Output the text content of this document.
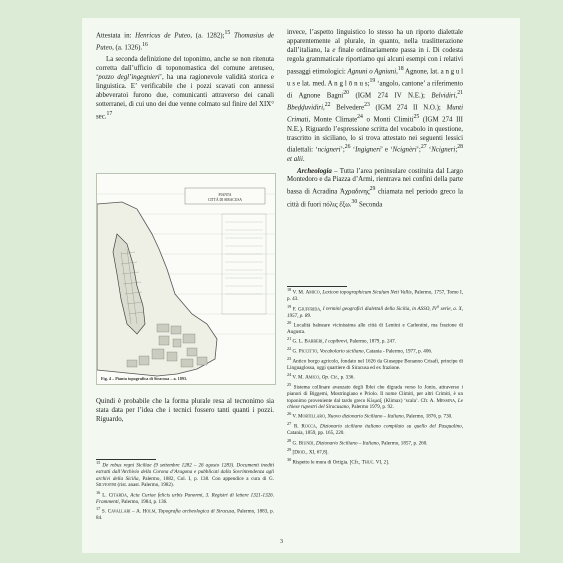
Attestata in: Henricus de Puteo, (a. 1282);$^{15}$ Thomasius de Puteo, (a. 1326).$^{16}$

La seconda definizione del toponimo, anche se non ritenuta corretta dall’ufficio di toponomastica del comune aretuseo, ‘pozzo degl’ingegnieri’, ha una ragionevole validità storica e linguistica. E’ verificabile che i pozzi scavati con annessi abbeveratoi furono due, comunicanti attraverso dei canali sotterranei, di cui uno dei due venne colmato sul finire del XIX° sec.$^{17}$

PIANTA
CITTÀ DI SIRACUSA
Fig. 4 – Pianta topografica di Siracusa – a. 1893.

Quindi è probabile che la forma plurale resa al tecnonimo sia stata data per l’idea che i tecnici fossero tanti quanti i pozzi. Riguardo,

$^{15}$ De rebus regni Siciliae (9 settembre 1282 – 26 agosto 1283). Documenti inediti estratti dall’Archivio della Corona d’Aragona e pubblicati dalla Sovrintendenza agli archivi della Sicilia, Palermo, 1882, Col. I, p. 138. Con appendice a cura di G. Silvestri (rist. anast. Palermo, 1982).
$^{16}$ L. Citarda, Acta Curiae felicis urbis Panormi, 3. Registri di lettere 1321-1326. Frammenti, Palermo, 1984, p. 136.
$^{17}$ S. Cavallari – A. Holm, Topografia archeologica di Siracusa, Palermo, 1883, p. 84.

invece, l’aspetto linguistico lo stesso ha un riporto dialettale apparentemente al plurale, in quanto, nella traslitterazione dall’italiano, la e finale ordinariamente passa in i. Di codesta regola grammaticale riportiamo qui alcuni esempi con i relativi passaggi etimologici: Agnuni o Agniuni,$^{18}$ Agnone, lat. a n g u l u s e lat. med. A n g l ō n u s;$^{19}$ ‘angolo, cantone’ a riferimento di Agnone Bagni$^{20}$ (IGM 274 IV N.E.); Belvidiri,$^{21}$ Bbeḍḍuvidiri,$^{22}$ Belvedere$^{23}$ (IGM 274 II N.O.); Munti Crimati, Monte Climate$^{24}$ o Monti Climiti$^{25}$ (IGM 274 III N.E.). Riguardo l’espressione scritta del vocabolo in questione, trascritto in siciliano, lo si trova attestato nei seguenti lessici dialettali: ‘ncigneri’;$^{26}$ ‘Ingigneri’ e ‘Ncignèri’;$^{27}$ ‘Ncigneri;$^{28}$ et alii.

Archeologia – Tutta l’area peninsulare costituita dal Largo Montedoro e da Piazza d’Armi, rientrava nei confini della parte bassa di Acradina Ἀχραδινης$^{29}$ chiamata nel periodo greco la città di fuori πόλις ἔξω.$^{30}$ Seconda

$^{18}$ V. M. Amico, Lexicon topographicum Siculum Neti Vallis, Palermo, 1757, Tomo I, p. 43.
$^{19}$ F. Giuffrida, I termini geografici dialettali della Sicilia, in ASSO, $IV^a$ serie, a. X, 1957, p. 89.
$^{20}$ Località balneare vicinissima alle città di Lentini e Carlentini, ma frazione di Augusta.
$^{21}$ G. L. Barberi, I capibrevi, Palermo, 1879, p. 247.
$^{22}$ G. Piccitto, Vocabolario siciliano, Catania - Palermo, 1977, p. 406.
$^{23}$ Antico borgo agricolo, fondato nel 1626 da Giuseppe Bonanno Crisafi, principe di Linguaglossa, oggi quartiere di Siracusa ed ex frazione.
$^{24}$ V. M. Amico, Op. Cit., p. 336.
$^{25}$ Sistema collinare avanzato degli Iblei che digrada verso lo Jonio, attraverso i pianori di Biggemi, Mostringiano e Priolo. Il nome Climiti, per altri Crimiti, è un toponimo proveniente dal tardo greco Κλιμαξ (Klimax) ‘scala’. Cfr. A. Messina, Le chiese rupestri del Siracusano, Palermo 1979, p. 92.
$^{26}$ V. Mortillaro, Nuovo dizionario Siciliano – Italiano, Palermo, 1876, p. 730.
$^{27}$ R. Rocca, Dizionario siciliano italiano compilato su quello del Pasqualino, Catania, 1859, pp. 165, 220.
$^{28}$ G. Biundi, Dizionario Siciliano – Italiano, Palermo, 1857, p. 260.
$^{29}$ [Diod., XI, 67,8].
$^{30}$ Rispetto le mura di Ortigia. [Cfr., Thuc. VI, 2].
3
